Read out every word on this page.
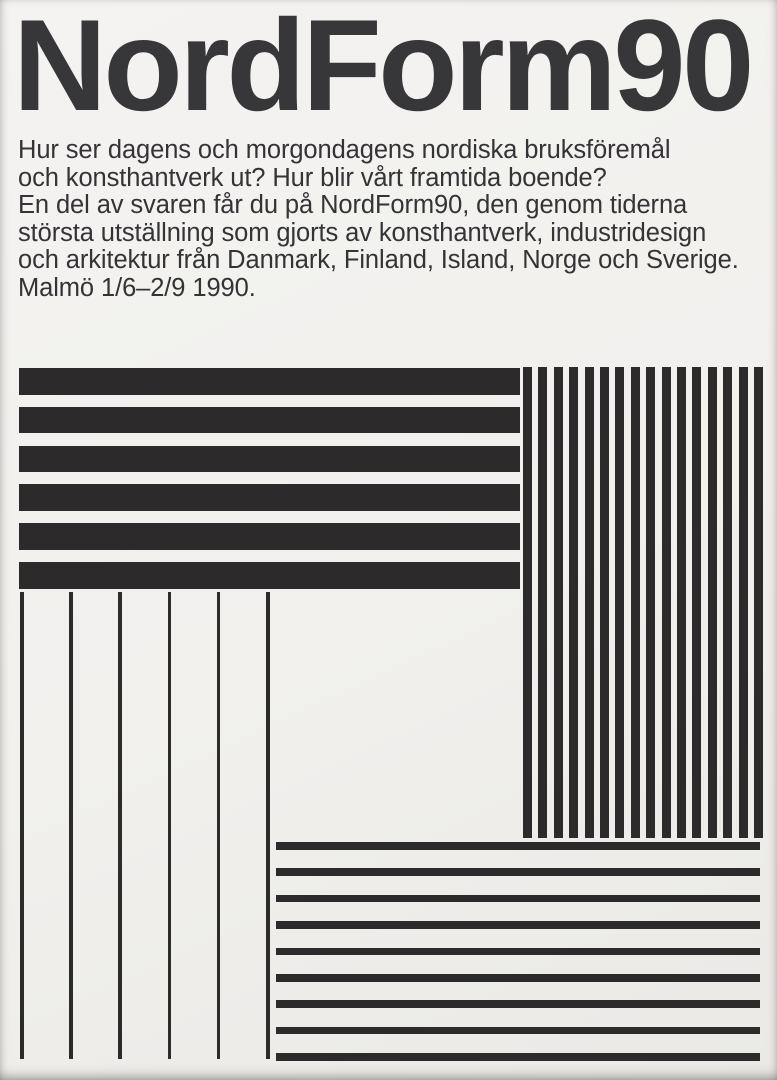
NordForm90
Hur ser dagens och morgondagens nordiska bruksföremål
och konsthantverk ut? Hur blir vårt framtida boende?
En del av svaren får du på NordForm90, den genom tiderna
största utställning som gjorts av konsthantverk, industridesign
och arkitektur från Danmark, Finland, Island, Norge och Sverige.
Malmö 1/6–2/9 1990.
